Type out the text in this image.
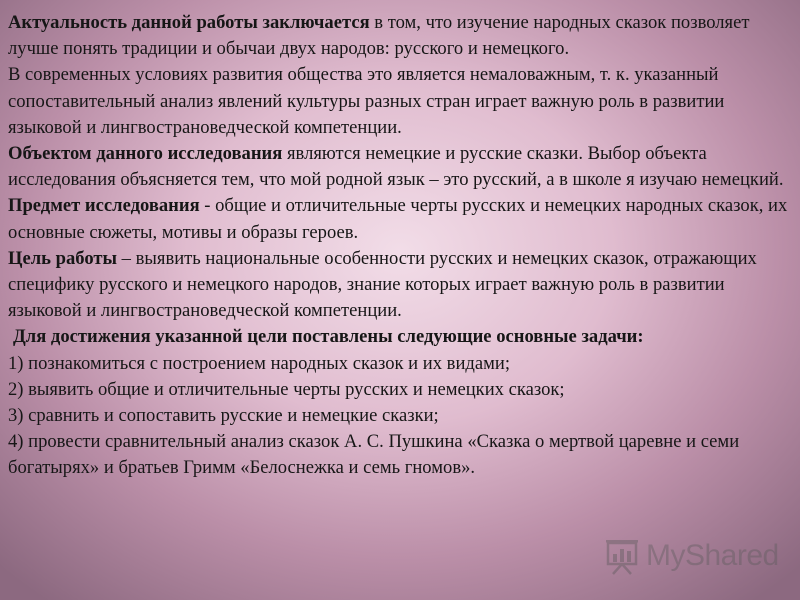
Актуальность данной работы заключается в том, что изучение народных сказок позволяет лучше понять традиции и обычаи двух народов: русского и немецкого.

В современных условиях развития общества это является немаловажным, т. к. указанный сопоставительный анализ явлений культуры разных стран играет важную роль в развитии языковой и лингвострановедческой компетенции.

Объектом данного исследования являются немецкие и русские сказки. Выбор объекта исследования объясняется тем, что мой родной язык – это русский, а в школе я изучаю немецкий.

Предмет исследования - общие и отличительные черты русских и немецких народных сказок, их основные сюжеты, мотивы и образы героев.

Цель работы – выявить национальные особенности русских и немецких сказок, отражающих специфику русского и немецкого народов, знание которых играет важную роль в развитии языковой и лингвострановедческой компетенции.

Для достижения указанной цели поставлены следующие основные задачи:

1) познакомиться с построением народных сказок и их видами;

2) выявить общие и отличительные черты русских и немецких сказок;

3) сравнить и сопоставить русские и немецкие сказки;

4) провести сравнительный анализ сказок А. С. Пушкина «Сказка о мертвой царевне и семи богатырях» и братьев Гримм «Белоснежка и семь гномов».

MyShared
